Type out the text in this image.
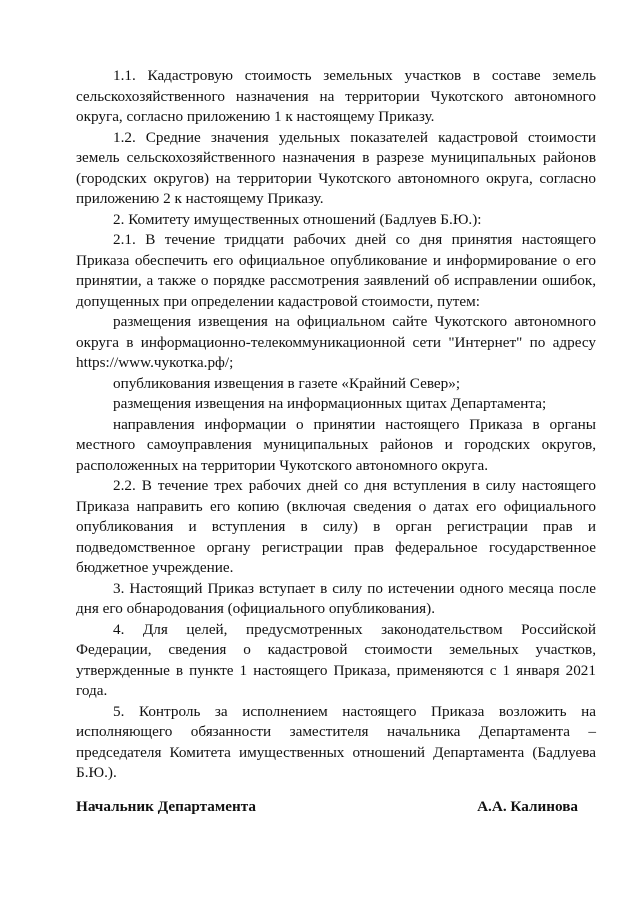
1.1. Кадастровую стоимость земельных участков в составе земель сельскохозяйственного назначения на территории Чукотского автономного округа, согласно приложению 1 к настоящему Приказу.

1.2. Средние значения удельных показателей кадастровой стоимости земель сельскохозяйственного назначения в разрезе муниципальных районов (городских округов) на территории Чукотского автономного округа, согласно приложению 2 к настоящему Приказу.

2. Комитету имущественных отношений (Бадлуев Б.Ю.):

2.1. В течение тридцати рабочих дней со дня принятия настоящего Приказа обеспечить его официальное опубликование и информирование о его принятии, а также о порядке рассмотрения заявлений об исправлении ошибок, допущенных при определении кадастровой стоимости, путем:

размещения извещения на официальном сайте Чукотского автономного округа в информационно-телекоммуникационной сети "Интернет" по адресу https://www.чукотка.рф/;

опубликования извещения в газете «Крайний Север»;

размещения извещения на информационных щитах Департамента;

направления информации о принятии настоящего Приказа в органы местного самоуправления муниципальных районов и городских округов, расположенных на территории Чукотского автономного округа.

2.2. В течение трех рабочих дней со дня вступления в силу настоящего Приказа направить его копию (включая сведения о датах его официального опубликования и вступления в силу) в орган регистрации прав и подведомственное органу регистрации прав федеральное государственное бюджетное учреждение.

3. Настоящий Приказ вступает в силу по истечении одного месяца после дня его обнародования (официального опубликования).

4. Для целей, предусмотренных законодательством Российской Федерации, сведения о кадастровой стоимости земельных участков, утвержденные в пункте 1 настоящего Приказа, применяются с 1 января 2021 года.

5. Контроль за исполнением настоящего Приказа возложить на исполняющего обязанности заместителя начальника Департамента – председателя Комитета имущественных отношений Департамента (Бадлуева Б.Ю.).

Начальник Департамента	А.А. Калинова
